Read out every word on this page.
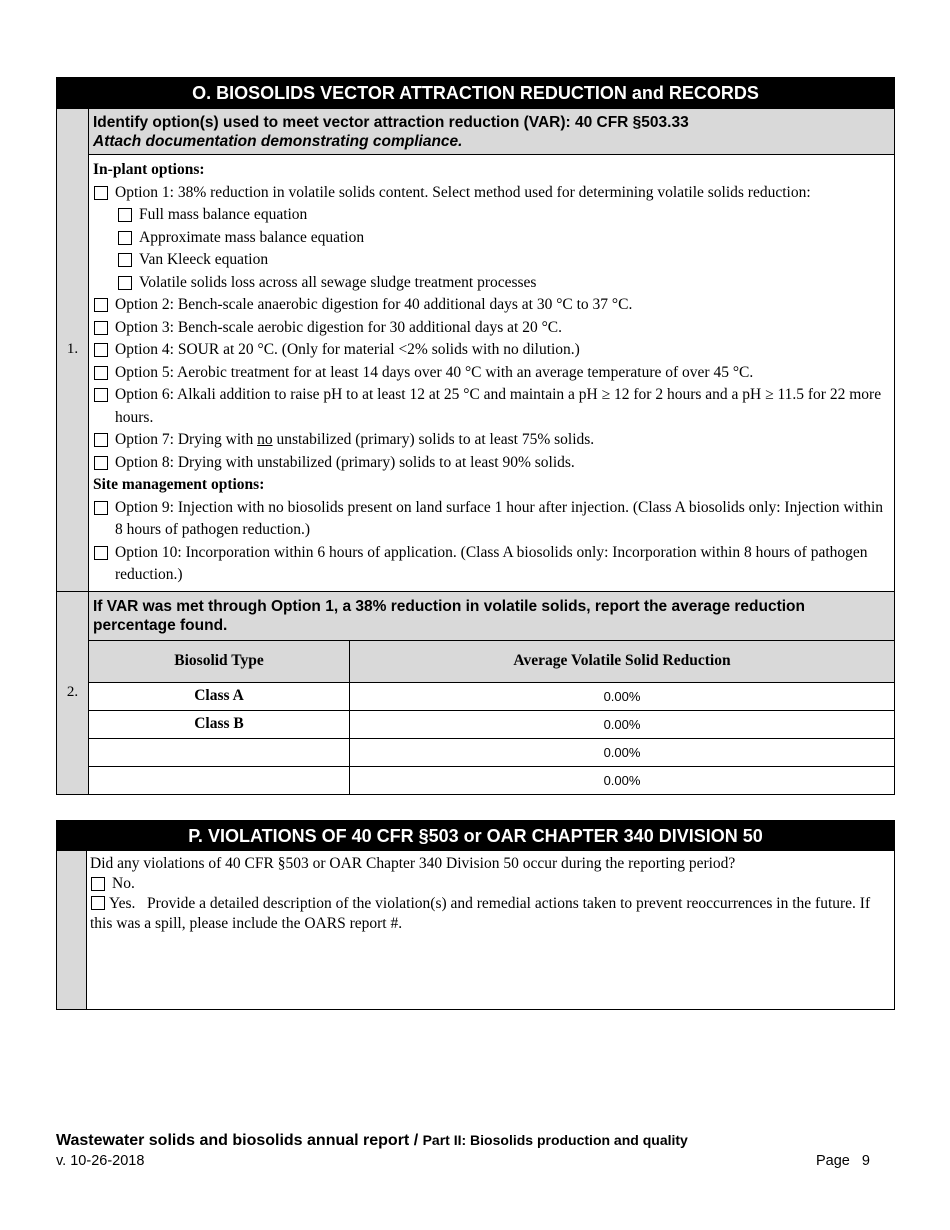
O. BIOSOLIDS VECTOR ATTRACTION REDUCTION and RECORDS
1.
Identify option(s) used to meet vector attraction reduction (VAR): 40 CFR §503.33
Attach documentation demonstrating compliance.
In-plant options:
Option 1: 38% reduction in volatile solids content. Select method used for determining volatile solids reduction:
Full mass balance equation
Approximate mass balance equation
Van Kleeck equation
Volatile solids loss across all sewage sludge treatment processes
Option 2: Bench-scale anaerobic digestion for 40 additional days at 30 °C to 37 °C.
Option 3: Bench-scale aerobic digestion for 30 additional days at 20 °C.
Option 4: SOUR at 20 °C. (Only for material <2% solids with no dilution.)
Option 5: Aerobic treatment for at least 14 days over 40 °C with an average temperature of over 45 °C.
Option 6: Alkali addition to raise pH to at least 12 at 25 °C and maintain a pH ≥ 12 for 2 hours and a pH ≥ 11.5 for 22 more hours.
Option 7: Drying with no unstabilized (primary) solids to at least 75% solids.
Option 8: Drying with unstabilized (primary) solids to at least 90% solids.
Site management options:
Option 9: Injection with no biosolids present on land surface 1 hour after injection. (Class A biosolids only: Injection within 8 hours of pathogen reduction.)
Option 10: Incorporation within 6 hours of application. (Class A biosolids only: Incorporation within 8 hours of pathogen reduction.)
2.
If VAR was met through Option 1, a 38% reduction in volatile solids, report the average reduction percentage found.
Biosolid Type	Average Volatile Solid Reduction
Class A	0.00%
Class B	0.00%
	0.00%
	0.00%
P. VIOLATIONS OF 40 CFR §503 or OAR CHAPTER 340 DIVISION 50
Did any violations of 40 CFR §503 or OAR Chapter 340 Division 50 occur during the reporting period?
No.
Yes.   Provide a detailed description of the violation(s) and remedial actions taken to prevent reoccurrences in the future. If this was a spill, please include the OARS report #.
Wastewater solids and biosolids annual report / Part II: Biosolids production and quality
v. 10-26-2018	Page   9
